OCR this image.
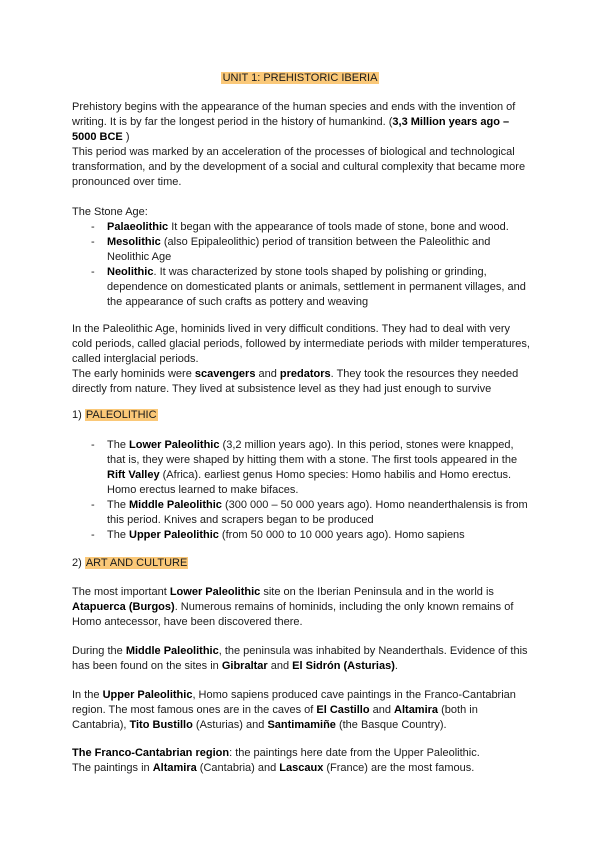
UNIT 1: PREHISTORIC IBERIA

Prehistory begins with the appearance of the human species and ends with the invention of writing. It is by far the longest period in the history of humankind. (3,3 Million years ago – 5000 BCE )

This period was marked by an acceleration of the processes of biological and technological transformation, and by the development of a social and cultural complexity that became more pronounced over time.

The Stone Age:

- Palaeolithic It began with the appearance of tools made of stone, bone and wood.
- Mesolithic (also Epipaleolithic) period of transition between the Paleolithic and Neolithic Age
- Neolithic. It was characterized by stone tools shaped by polishing or grinding, dependence on domesticated plants or animals, settlement in permanent villages, and the appearance of such crafts as pottery and weaving

In the Paleolithic Age, hominids lived in very difficult conditions. They had to deal with very cold periods, called glacial periods, followed by intermediate periods with milder temperatures, called interglacial periods.

The early hominids were scavengers and predators. They took the resources they needed directly from nature. They lived at subsistence level as they had just enough to survive

1) PALEOLITHIC

- The Lower Paleolithic (3,2 million years ago). In this period, stones were knapped, that is, they were shaped by hitting them with a stone. The first tools appeared in the Rift Valley (Africa). earliest genus Homo species: Homo habilis and Homo erectus. Homo erectus learned to make bifaces.
- The Middle Paleolithic (300 000 – 50 000 years ago). Homo neanderthalensis is from this period. Knives and scrapers began to be produced
- The Upper Paleolithic (from 50 000 to 10 000 years ago). Homo sapiens

2) ART AND CULTURE

The most important Lower Paleolithic site on the Iberian Peninsula and in the world is Atapuerca (Burgos). Numerous remains of hominids, including the only known remains of Homo antecessor, have been discovered there.

During the Middle Paleolithic, the peninsula was inhabited by Neanderthals. Evidence of this has been found on the sites in Gibraltar and El Sidrón (Asturias).

In the Upper Paleolithic, Homo sapiens produced cave paintings in the Franco-Cantabrian region. The most famous ones are in the caves of El Castillo and Altamira (both in Cantabria), Tito Bustillo (Asturias) and Santimamiñe (the Basque Country).

The Franco-Cantabrian region: the paintings here date from the Upper Paleolithic.

The paintings in Altamira (Cantabria) and Lascaux (France) are the most famous.
